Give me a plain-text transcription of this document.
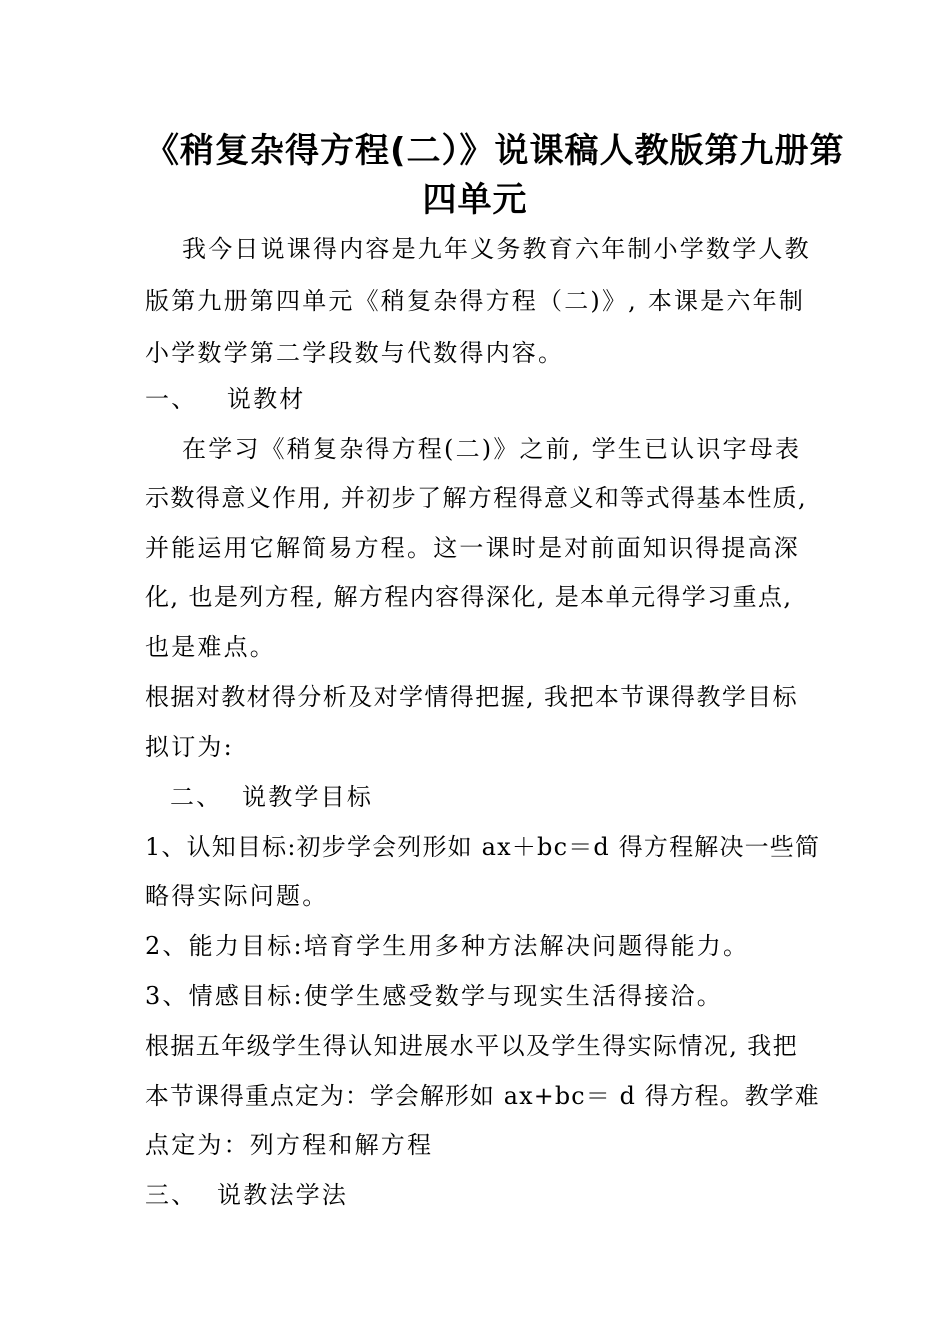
《稍复杂得方程(二）》说课稿人教版第九册第
四单元

我今日说课得内容是九年义务教育六年制小学数学人教

版第九册第四单元《稍复杂得方程（二)》, 本课是六年制

小学数学第二学段数与代数得内容。

一、   说教材

在学习《稍复杂得方程(二)》之前, 学生已认识字母表

示数得意义作用, 并初步了解方程得意义和等式得基本性质,

并能运用它解简易方程。这一课时是对前面知识得提高深

化, 也是列方程, 解方程内容得深化, 是本单元得学习重点,

也是难点。

根据对教材得分析及对学情得把握, 我把本节课得教学目标

拟订为:

二、  说教学目标

1、认知目标:初步学会列形如 ax＋bc＝d 得方程解决一些简

略得实际问题。

2、能力目标:培育学生用多种方法解决问题得能力。

3、情感目标:使学生感受数学与现实生活得接洽。

根据五年级学生得认知进展水平以及学生得实际情况, 我把

本节课得重点定为：学会解形如 ax+bc＝ d 得方程。教学难

点定为：列方程和解方程

三、  说教法学法
